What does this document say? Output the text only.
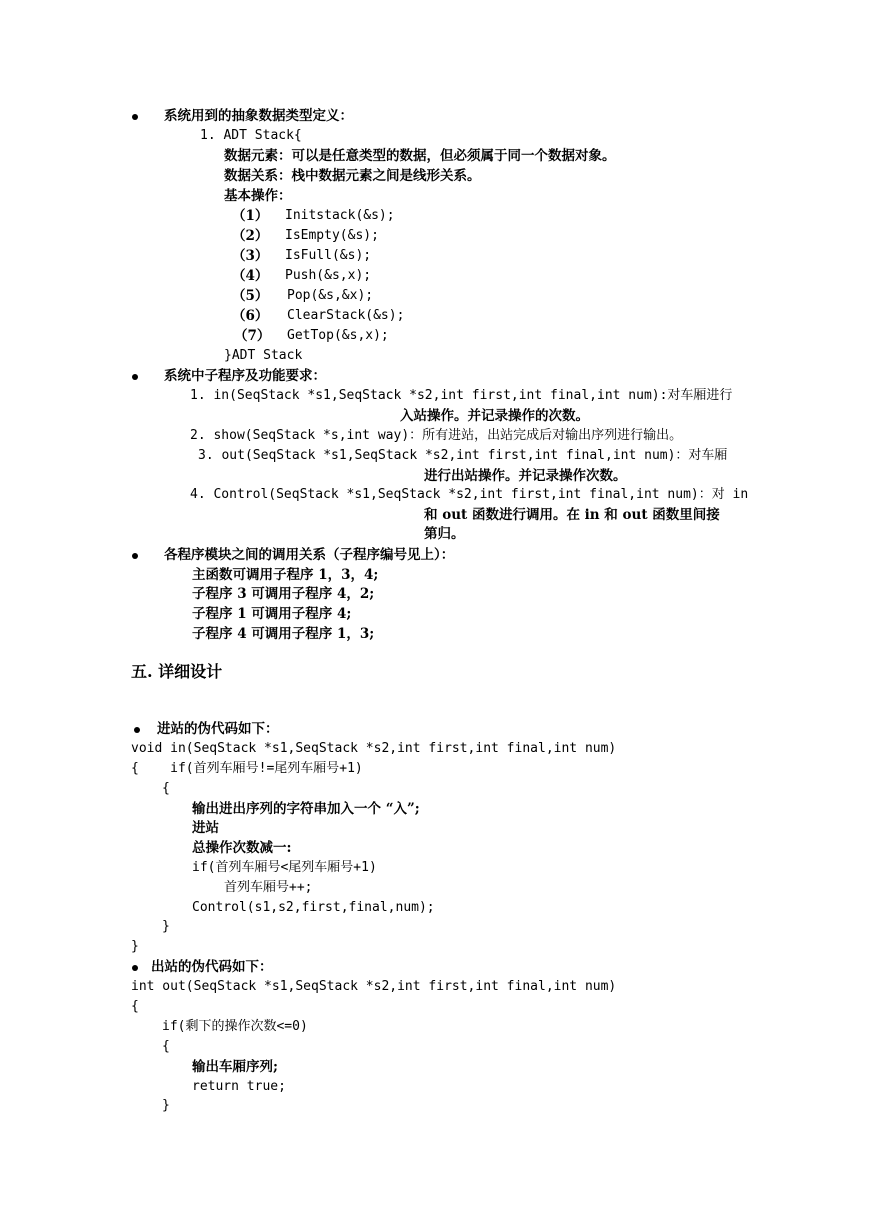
系统用到的抽象数据类型定义：
1. ADT Stack{
数据元素：可以是任意类型的数据，但必须属于同一个数据对象。
数据关系：栈中数据元素之间是线形关系。
基本操作：
（1） Initstack(&s);
（2） IsEmpty(&s);
（3） IsFull(&s);
（4） Push(&s,x);
（5） Pop(&s,&x);
（6） ClearStack(&s);
（7） GetTop(&s,x);
}ADT Stack
系统中子程序及功能要求：
1. in(SeqStack *s1,SeqStack *s2,int first,int final,int num):对车厢进行
入站操作。并记录操作的次数。
2. show(SeqStack *s,int way)：所有进站，出站完成后对输出序列进行输出。
3. out(SeqStack *s1,SeqStack *s2,int first,int final,int num)：对车厢
进行出站操作。并记录操作次数。
4. Control(SeqStack *s1,SeqStack *s2,int first,int final,int num)：对 in
和 out 函数进行调用。在 in 和 out 函数里间接
第归。
各程序模块之间的调用关系（子程序编号见上）：
主函数可调用子程序 1，3，4;
子程序 3 可调用子程序 4，2;
子程序 1 可调用子程序 4;
子程序 4 可调用子程序 1，3;
五. 详细设计
进站的伪代码如下：
void in(SeqStack *s1,SeqStack *s2,int first,int final,int num)
{    if(首列车厢号!=尾列车厢号+1)
{
输出进出序列的字符串加入一个 “入”;
进站
总操作次数减一:
if(首列车厢号<尾列车厢号+1)
首列车厢号++;
Control(s1,s2,first,final,num);
}
}
出站的伪代码如下：
int out(SeqStack *s1,SeqStack *s2,int first,int final,int num)
{
if(剩下的操作次数<=0)
{
输出车厢序列;
return true;
}
